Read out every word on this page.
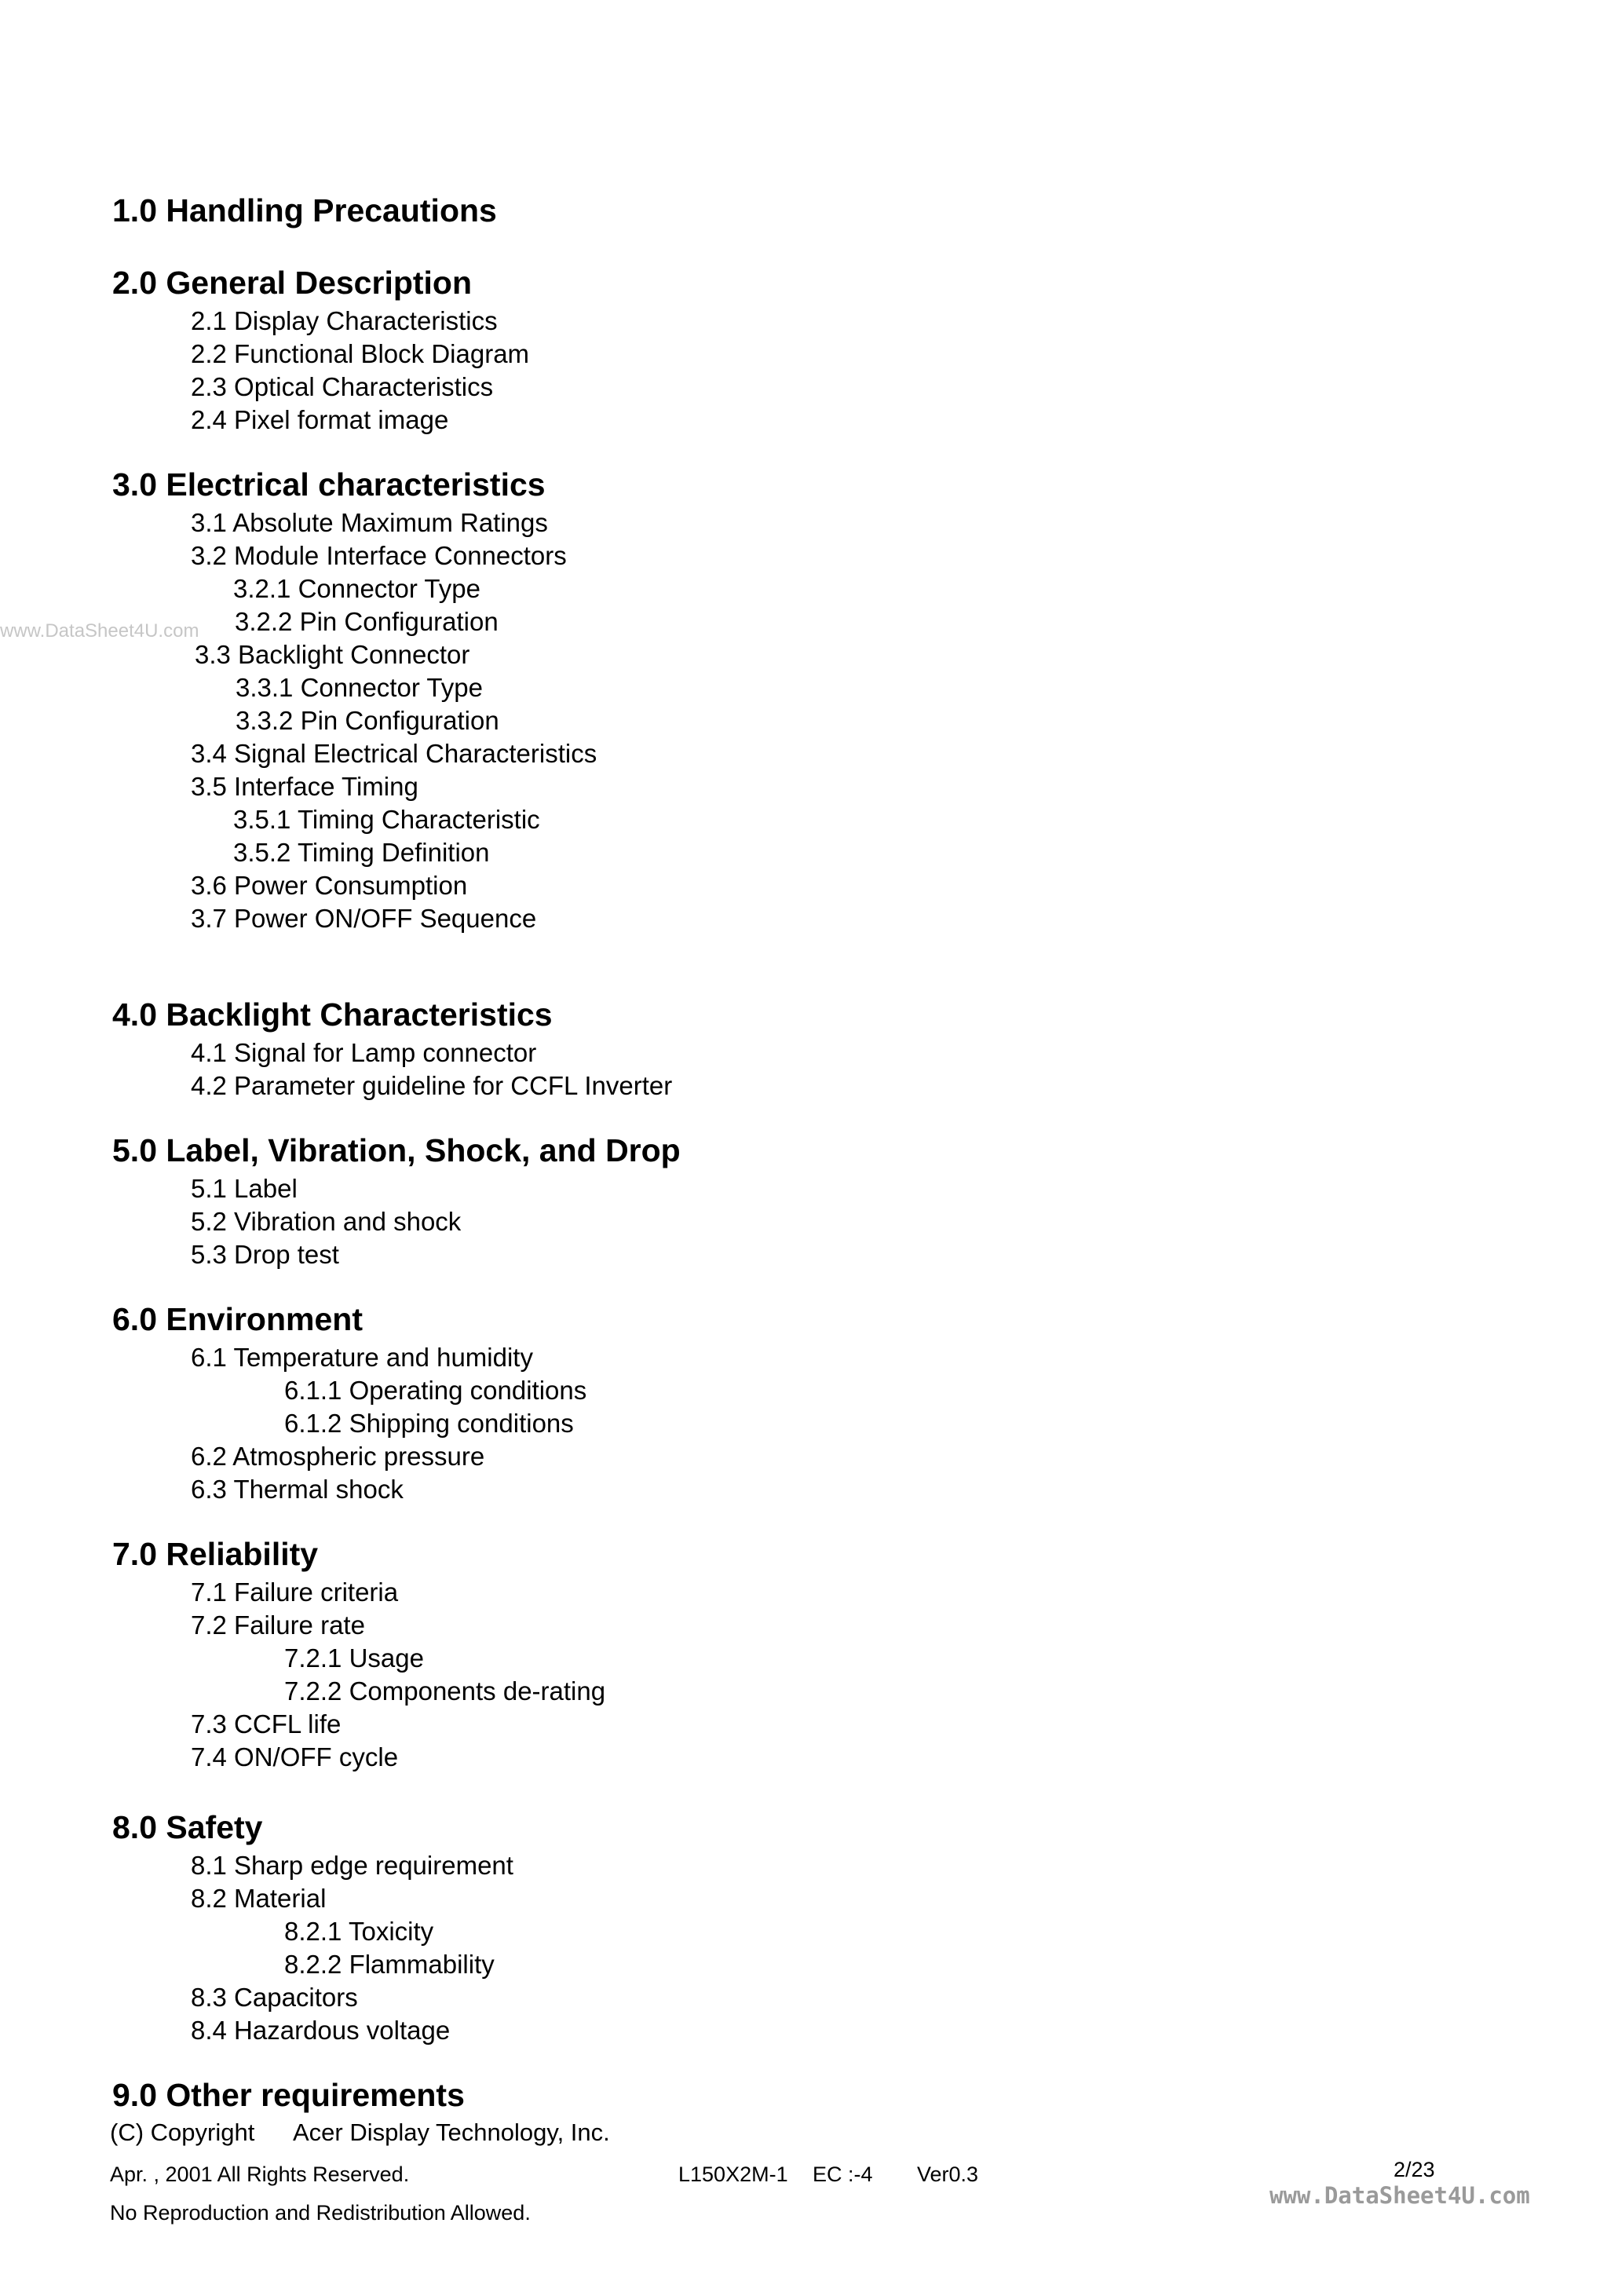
1.0 Handling Precautions
2.0 General Description
2.1 Display Characteristics
2.2 Functional Block Diagram
2.3 Optical Characteristics
2.4 Pixel format image
3.0 Electrical characteristics
3.1 Absolute Maximum Ratings
3.2 Module Interface Connectors
3.2.1 Connector Type
3.2.2 Pin Configuration
3.3 Backlight Connector
3.3.1 Connector Type
3.3.2 Pin Configuration
3.4 Signal Electrical Characteristics
3.5 Interface Timing
3.5.1 Timing Characteristic
3.5.2 Timing Definition
3.6 Power Consumption
3.7 Power ON/OFF Sequence
www.DataSheet4U.com
4.0 Backlight Characteristics
4.1 Signal for Lamp connector
4.2 Parameter guideline for CCFL Inverter
5.0 Label, Vibration, Shock, and Drop
5.1 Label
5.2 Vibration and shock
5.3 Drop test
6.0 Environment
6.1 Temperature and humidity
6.1.1 Operating conditions
6.1.2 Shipping conditions
6.2 Atmospheric pressure
6.3 Thermal shock
7.0 Reliability
7.1 Failure criteria
7.2 Failure rate
7.2.1 Usage
7.2.2 Components de-rating
7.3 CCFL life
7.4 ON/OFF cycle
8.0 Safety
8.1 Sharp edge requirement
8.2 Material
8.2.1 Toxicity
8.2.2 Flammability
8.3 Capacitors
8.4 Hazardous voltage
9.0 Other requirements
(C) Copyright Acer Display Technology, Inc.
Apr. , 2001 All Rights Reserved.	L150X2M-1 EC :-4 Ver0.3	2/23
No Reproduction and Redistribution Allowed.
www.DataSheet4U.com
